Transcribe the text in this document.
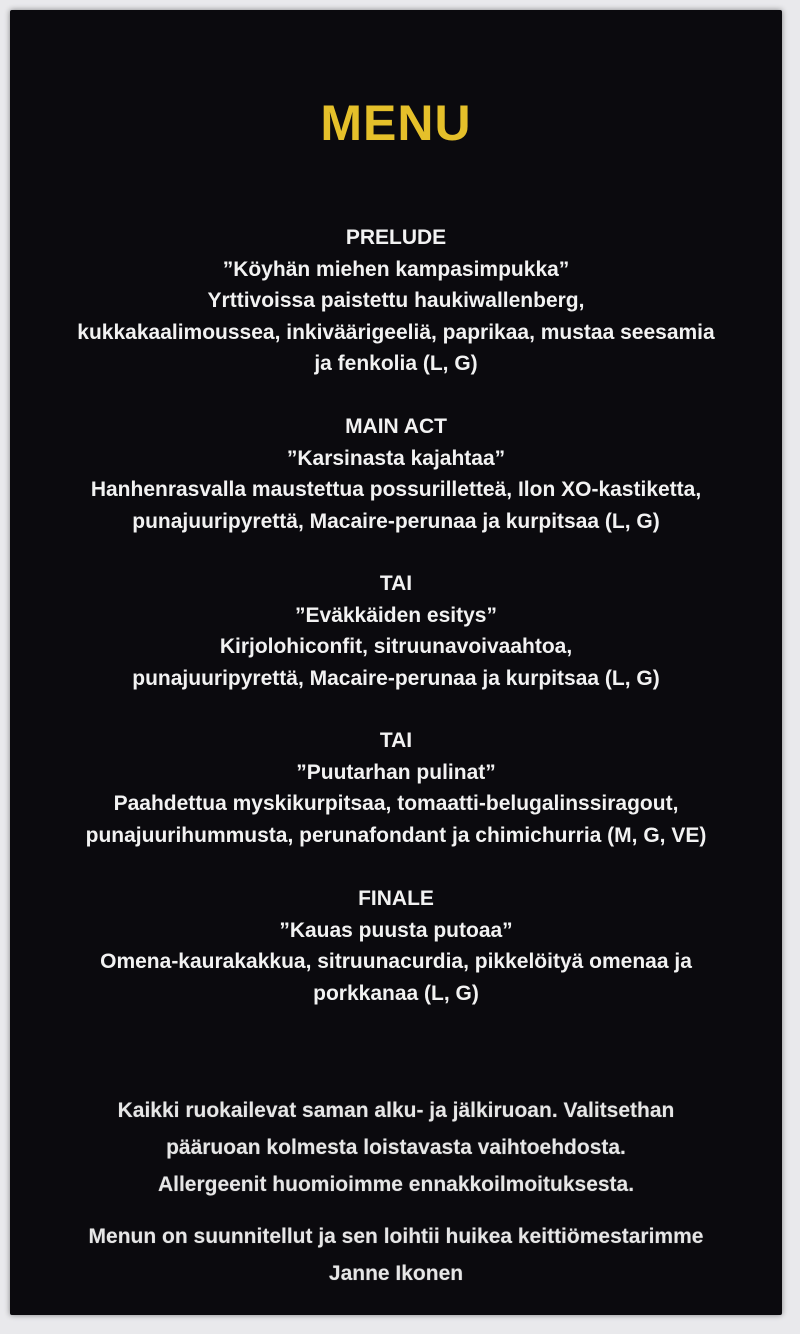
MENU
PRELUDE
”Köyhän miehen kampasimpukka”
Yrttivoissa paistettu haukiwallenberg,
kukkakaalimoussea, inkiväärigeeliä, paprikaa, mustaa seesamia
ja fenkolia (L, G)
MAIN ACT
”Karsinasta kajahtaa”
Hanhenrasvalla maustettua possurilletteä, Ilon XO-kastiketta,
punajuuripyrettä, Macaire-perunaa ja kurpitsaa (L, G)
TAI
”Eväkkäiden esitys”
Kirjolohiconfit, sitruunavoivaahtoa,
punajuuripyrettä, Macaire-perunaa ja kurpitsaa (L, G)
TAI
”Puutarhan pulinat”
Paahdettua myskikurpitsaa, tomaatti-belugalinssiragout,
punajuurihummusta, perunafondant ja chimichurria (M, G, VE)
FINALE
”Kauas puusta putoaa”
Omena-kaurakakkua, sitruunacurdia, pikkelöityä omenaa ja
porkkanaa (L, G)
Kaikki ruokailevat saman alku- ja jälkiruoan. Valitsethan
pääruoan kolmesta loistavasta vaihtoehdosta.
Allergeenit huomioimme ennakkoilmoituksesta.
Menun on suunnitellut ja sen loihtii huikea keittiömestarimme
Janne Ikonen
